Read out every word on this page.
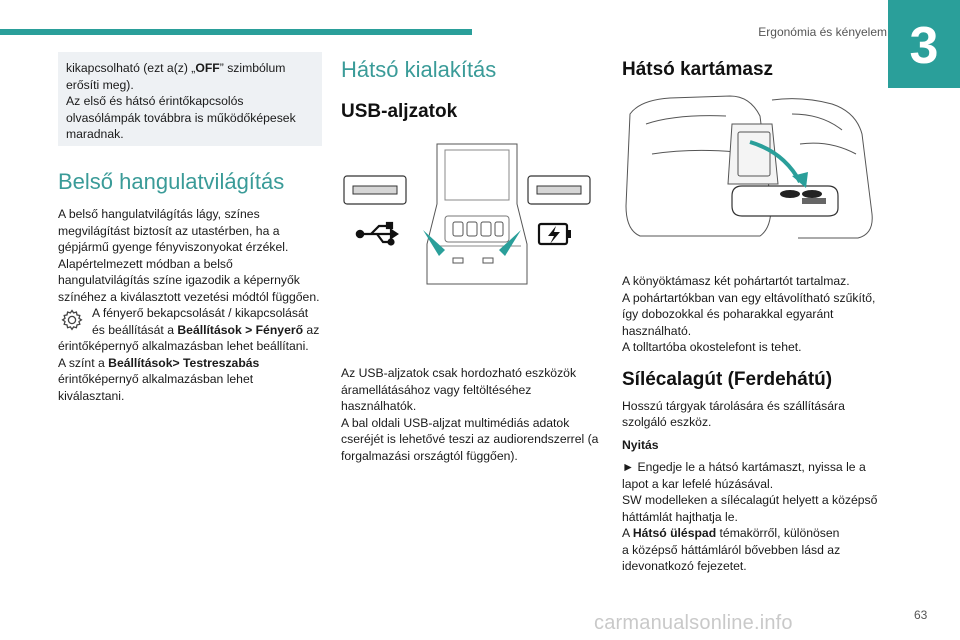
Ergonómia és kényelem 3
kikapcsolható (ezt a(z) „OFF” szimbólum
erősíti meg).
Az első és hátsó érintőkapcsolós
olvasólámpák továbbra is működőképesek
maradnak.
Belső hangulatvilágítás
A belső hangulatvilágítás lágy, színes
megvilágítást biztosít az utastérben, ha a
gépjármű gyenge fényviszonyokat érzékel.
Alapértelmezett módban a belső
hangulatvilágítás színe igazodik a képernyők
színéhez a kiválasztott vezetési módtól függően.
A fényerő bekapcsolását / kikapcsolását
és beállítását a Beállítások > Fényerő az
érintőképernyő alkalmazásban lehet beállítani.
A színt a Beállítások> Testreszabás
érintőképernyő alkalmazásban lehet kiválasztani.
Hátsó kialakítás
USB-aljzatok
Az USB-aljzatok csak hordozható eszközök
áramellátásához vagy feltöltéséhez
használhatók.
A bal oldali USB-aljzat multimédiás adatok
cseréjét is lehetővé teszi az audiorendszerrel (a
forgalmazási országtól függően).
Hátsó kartámasz
A könyöktámasz két pohártartót tartalmaz.
A pohártartókban van egy eltávolítható szűkítő,
így dobozokkal és poharakkal egyaránt
használható.
A tolltartóba okostelefont is tehet.
Sílécalagút (Ferdehátú)
Hosszú tárgyak tárolására és szállítására
szolgáló eszköz.
Nyitás
► Engedje le a hátsó kartámaszt, nyissa le a
lapot a kar lefelé húzásával.
SW modelleken a sílécalagút helyett a középső
háttámlát hajthatja le.
A Hátsó üléspad témakörről, különösen
a középső háttámláról bővebben lásd az
idevonatkozó fejezetet.
carmanualsonline.info	63
